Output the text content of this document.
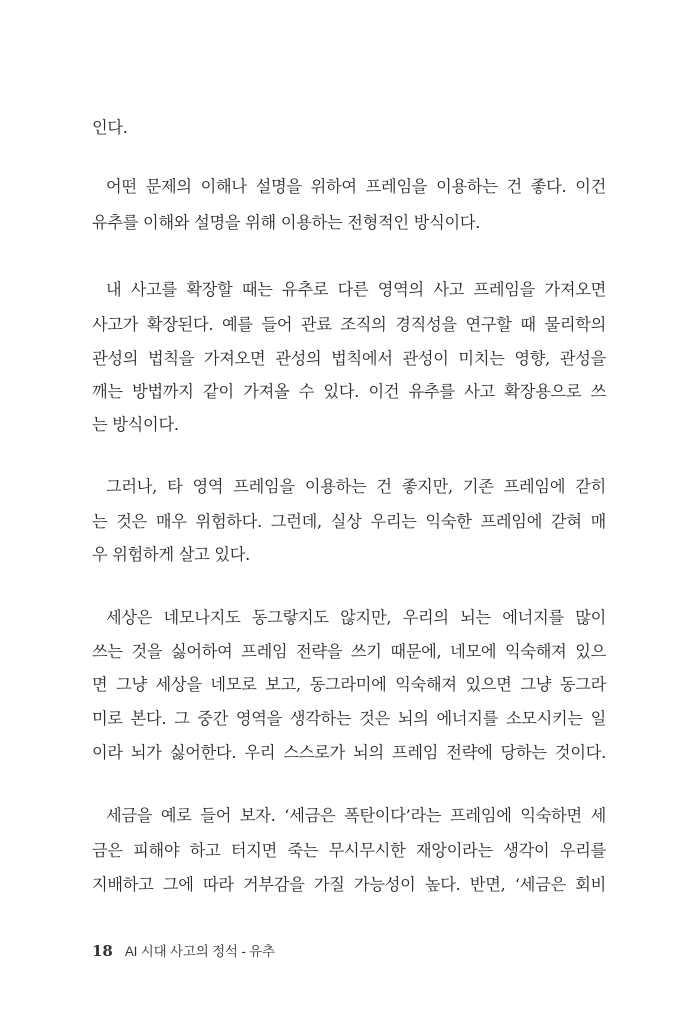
인다.
어떤 문제의 이해나 설명을 위하여 프레임을 이용하는 건 좋다. 이건
유추를 이해와 설명을 위해 이용하는 전형적인 방식이다.
내 사고를 확장할 때는 유추로 다른 영역의 사고 프레임을 가져오면
사고가 확장된다. 예를 들어 관료 조직의 경직성을 연구할 때 물리학의
관성의 법칙을 가져오면 관성의 법칙에서 관성이 미치는 영향, 관성을
깨는 방법까지 같이 가져올 수 있다. 이건 유추를 사고 확장용으로 쓰
는 방식이다.
그러나, 타 영역 프레임을 이용하는 건 좋지만, 기존 프레임에 갇히
는 것은 매우 위험하다. 그런데, 실상 우리는 익숙한 프레임에 갇혀 매
우 위험하게 살고 있다.
세상은 네모나지도 동그랗지도 않지만, 우리의 뇌는 에너지를 많이
쓰는 것을 싫어하여 프레임 전략을 쓰기 때문에, 네모에 익숙해져 있으
면 그냥 세상을 네모로 보고, 동그라미에 익숙해져 있으면 그냥 동그라
미로 본다. 그 중간 영역을 생각하는 것은 뇌의 에너지를 소모시키는 일
이라 뇌가 싫어한다. 우리 스스로가 뇌의 프레임 전략에 당하는 것이다.
세금을 예로 들어 보자. ‘세금은 폭탄이다’라는 프레임에 익숙하면 세
금은 피해야 하고 터지면 죽는 무시무시한 재앙이라는 생각이 우리를
지배하고 그에 따라 거부감을 가질 가능성이 높다. 반면, ‘세금은 회비
18 AI 시대 사고의 정석 - 유추
